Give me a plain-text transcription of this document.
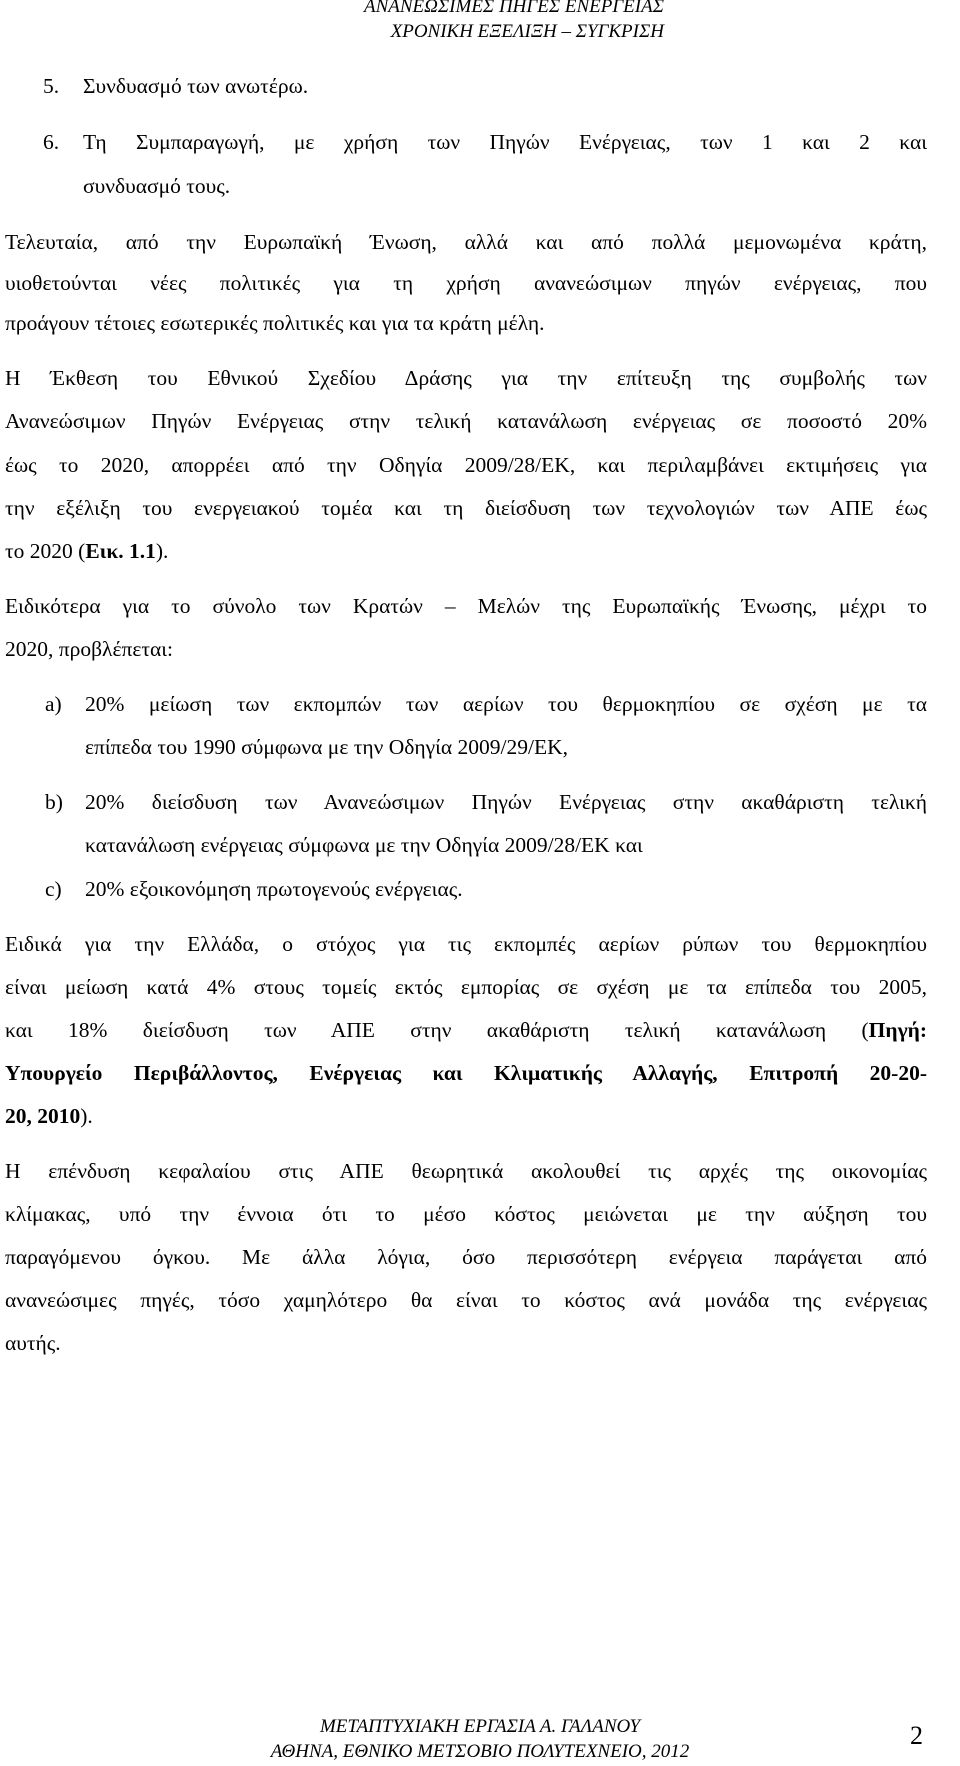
ΑΝΑΝΕΩΣΙΜΕΣ ΠΗΓΕΣ ΕΝΕΡΓΕΙΑΣ
ΧΡΟΝΙΚΗ ΕΞΕΛΙΞΗ – ΣΥΓΚΡΙΣΗ
5. Συνδυασμό των ανωτέρω.
6. Τη Συμπαραγωγή, με χρήση των Πηγών Ενέργειας, των 1 και 2 και
συνδυασμό τους.
Τελευταία, από την Ευρωπαϊκή Ένωση, αλλά και από πολλά μεμονωμένα κράτη,
υιοθετούνται νέες πολιτικές για τη χρήση ανανεώσιμων πηγών ενέργειας, που
προάγουν τέτοιες εσωτερικές πολιτικές και για τα κράτη μέλη.
Η Έκθεση του Εθνικού Σχεδίου Δράσης για την επίτευξη της συμβολής των
Ανανεώσιμων Πηγών Ενέργειας στην τελική κατανάλωση ενέργειας σε ποσοστό 20%
έως το 2020, απορρέει από την Οδηγία 2009/28/ΕΚ, και περιλαμβάνει εκτιμήσεις για
την εξέλιξη του ενεργειακού τομέα και τη διείσδυση των τεχνολογιών των ΑΠΕ έως
το 2020 (Εικ. 1.1).
Ειδικότερα για το σύνολο των Κρατών – Μελών της Ευρωπαϊκής Ένωσης, μέχρι το
2020, προβλέπεται:
a) 20% μείωση των εκπομπών των αερίων του θερμοκηπίου σε σχέση με τα
επίπεδα του 1990 σύμφωνα με την Οδηγία 2009/29/ΕΚ,
b) 20% διείσδυση των Ανανεώσιμων Πηγών Ενέργειας στην ακαθάριστη τελική
κατανάλωση ενέργειας σύμφωνα με την Οδηγία 2009/28/ΕΚ και
c) 20% εξοικονόμηση πρωτογενούς ενέργειας.
Ειδικά για την Ελλάδα, ο στόχος για τις εκπομπές αερίων ρύπων του θερμοκηπίου
είναι μείωση κατά 4% στους τομείς εκτός εμπορίας σε σχέση με τα επίπεδα του 2005,
και 18% διείσδυση των ΑΠΕ στην ακαθάριστη τελική κατανάλωση (Πηγή:
Υπουργείο Περιβάλλοντος, Ενέργειας και Κλιματικής Αλλαγής, Επιτροπή 20-20-
20, 2010).
Η επένδυση κεφαλαίου στις ΑΠΕ θεωρητικά ακολουθεί τις αρχές της οικονομίας
κλίμακας, υπό την έννοια ότι το μέσο κόστος μειώνεται με την αύξηση του
παραγόμενου όγκου. Με άλλα λόγια, όσο περισσότερη ενέργεια παράγεται από
ανανεώσιμες πηγές, τόσο χαμηλότερο θα είναι το κόστος ανά μονάδα της ενέργειας
αυτής.
ΜΕΤΑΠΤΥΧΙΑΚΗ ΕΡΓΑΣΙΑ Α. ΓΑΛΑΝΟΥ
ΑΘΗΝΑ, ΕΘΝΙΚΟ ΜΕΤΣΟΒΙΟ ΠΟΛΥΤΕΧΝΕΙΟ, 2012
2
